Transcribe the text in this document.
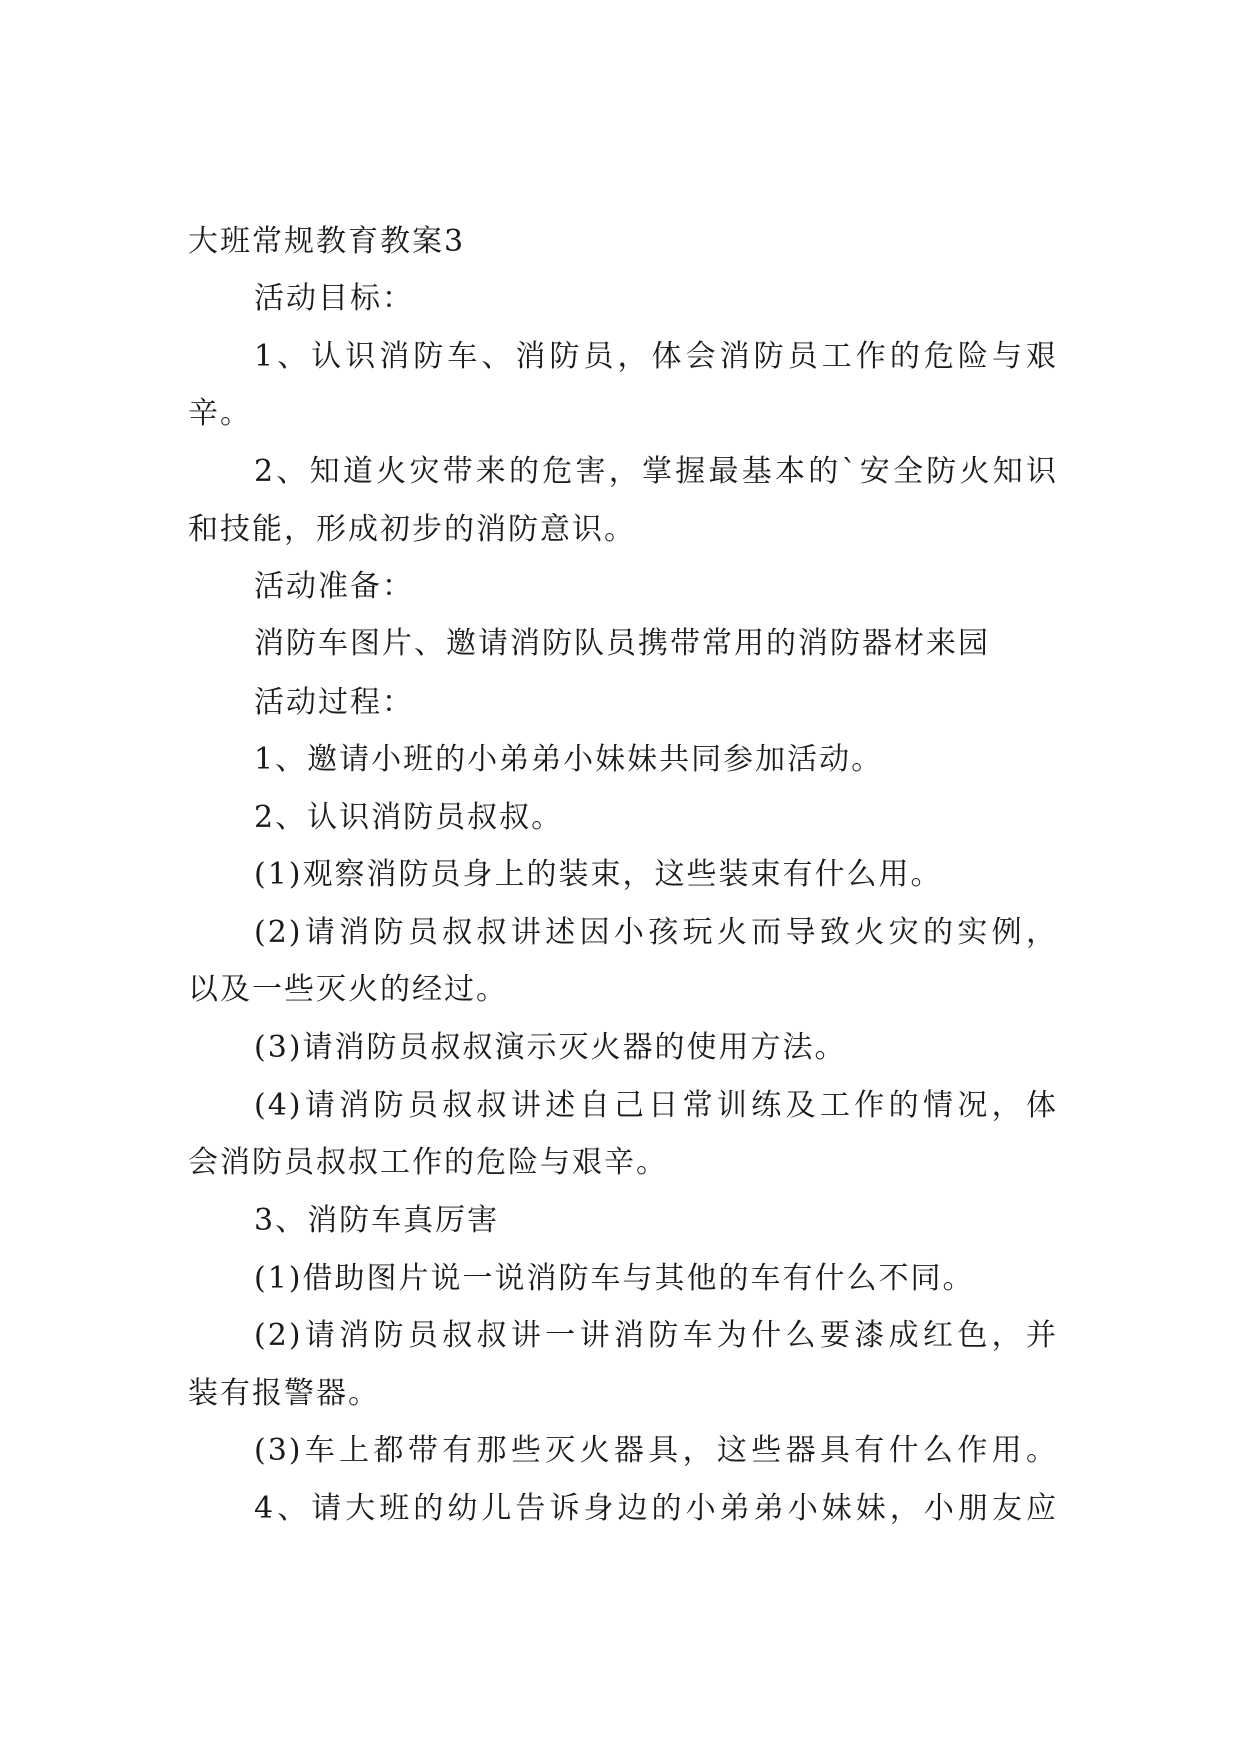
大班常规教育教案3

活动目标：

1、认识消防车、消防员，体会消防员工作的危险与艰

辛。

2、知道火灾带来的危害，掌握最基本的`安全防火知识

和技能，形成初步的消防意识。

活动准备：

消防车图片、邀请消防队员携带常用的消防器材来园

活动过程：

1、邀请小班的小弟弟小妹妹共同参加活动。

2、认识消防员叔叔。

(1)观察消防员身上的装束，这些装束有什么用。

(2)请消防员叔叔讲述因小孩玩火而导致火灾的实例，

以及一些灭火的经过。

(3)请消防员叔叔演示灭火器的使用方法。

(4)请消防员叔叔讲述自己日常训练及工作的情况，体

会消防员叔叔工作的危险与艰辛。

3、消防车真厉害

(1)借助图片说一说消防车与其他的车有什么不同。

(2)请消防员叔叔讲一讲消防车为什么要漆成红色，并

装有报警器。

(3)车上都带有那些灭火器具，这些器具有什么作用。

4、请大班的幼儿告诉身边的小弟弟小妹妹，小朋友应
